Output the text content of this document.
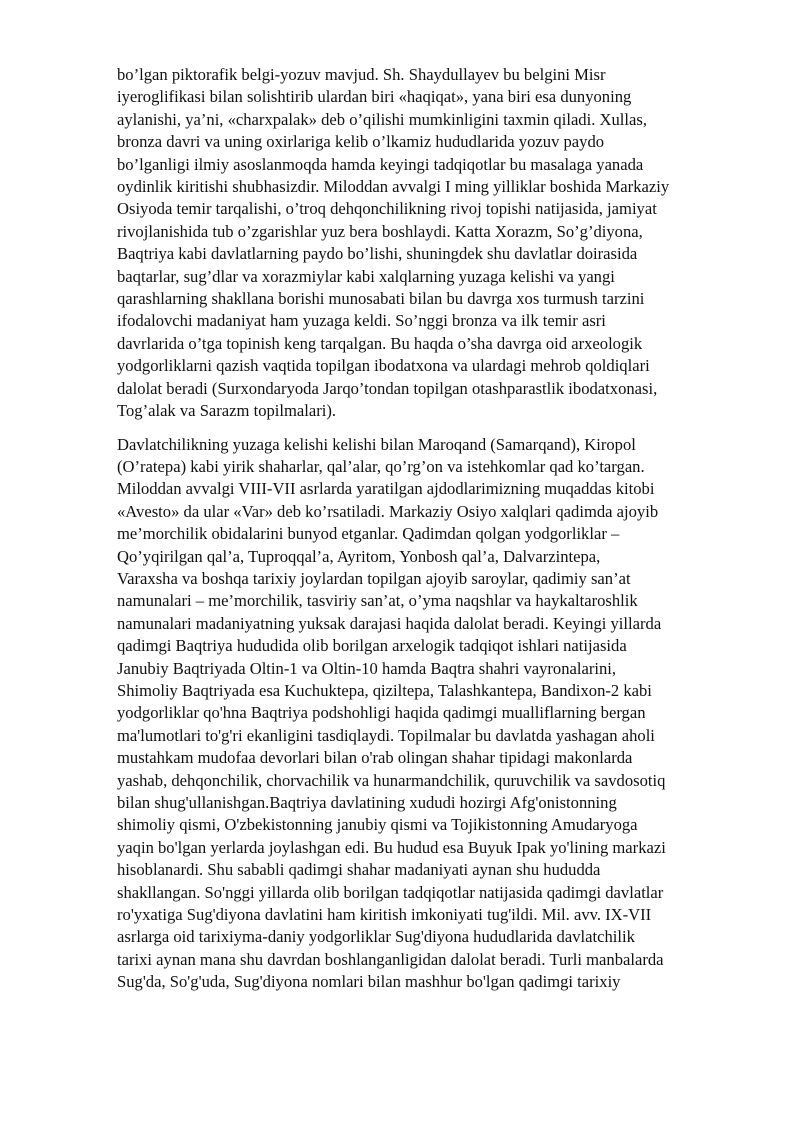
bo’lgan piktorafik belgi-yozuv mavjud. Sh. Shaydullayev bu belgini Misr
iyeroglifikasi bilan solishtirib ulardan biri «haqiqat», yana biri esa dunyoning
aylanishi, ya’ni, «charxpalak» deb o’qilishi mumkinligini taxmin qiladi. Xullas,
bronza davri va uning oxirlariga kelib o’lkamiz hududlarida yozuv paydo
bo’lganligi ilmiy asoslanmoqda hamda keyingi tadqiqotlar bu masalaga yanada
oydinlik kiritishi shubhasizdir. Miloddan avvalgi I ming yilliklar boshida Markaziy
Osiyoda temir tarqalishi, o’troq dehqonchilikning rivoj topishi natijasida, jamiyat
rivojlanishida tub o’zgarishlar yuz bera boshlaydi. Katta Xorazm, So’g’diyona,
Baqtriya kabi davlatlarning paydo bo’lishi, shuningdek shu davlatlar doirasida
baqtarlar, sug’dlar va xorazmiylar kabi xalqlarning yuzaga kelishi va yangi
qarashlarning shakllana borishi munosabati bilan bu davrga xos turmush tarzini
ifodalovchi madaniyat ham yuzaga keldi. So’nggi bronza va ilk temir asri
davrlarida o’tga topinish keng tarqalgan. Bu haqda o’sha davrga oid arxeologik
yodgorliklarni qazish vaqtida topilgan ibodatxona va ulardagi mehrob qoldiqlari
dalolat beradi (Surxondaryoda Jarqo’tondan topilgan otashparastlik ibodatxonasi,
Tog’alak va Sarazm topilmalari).

Davlatchilikning yuzaga kelishi kelishi bilan Maroqand (Samarqand), Kiropol
(O’ratepa) kabi yirik shaharlar, qal’alar, qo’rg’on va istehkomlar qad ko’targan.
Miloddan avvalgi VIII-VII asrlarda yaratilgan ajdodlarimizning muqaddas kitobi
«Avesto» da ular «Var» deb ko’rsatiladi. Markaziy Osiyo xalqlari qadimda ajoyib
me’morchilik obidalarini bunyod etganlar. Qadimdan qolgan yodgorliklar –
Qo’yqirilgan qal’a, Tuproqqal’a, Ayritom, Yonbosh qal’a, Dalvarzintepa,
Varaxsha va boshqa tarixiy joylardan topilgan ajoyib saroylar, qadimiy san’at
namunalari – me’morchilik, tasviriy san’at, o’yma naqshlar va haykaltaroshlik
namunalari madaniyatning yuksak darajasi haqida dalolat beradi. Keyingi yillarda
qadimgi Baqtriya hududida olib borilgan arxelogik tadqiqot ishlari natijasida
Janubiy Baqtriyada Oltin-1 va Oltin-10 hamda Baqtra shahri vayronalarini,
Shimoliy Baqtriyada esa Kuchuktepa, qiziltepa, Talashkantepa, Bandixon-2 kabi
yodgorliklar qo'hna Baqtriya podshohligi haqida qadimgi mualliflarning bergan
ma'lumotlari to'g'ri ekanligini tasdiqlaydi. Topilmalar bu davlatda yashagan aholi
mustahkam mudofaa devorlari bilan o'rab olingan shahar tipidagi makonlarda
yashab, dehqonchilik, chorvachilik va hunarmandchilik, quruvchilik va savdosotiq
bilan shug'ullanishgan.Baqtriya davlatining xududi hozirgi Afg'onistonning
shimoliy qismi, O'zbekistonning janubiy qismi va Tojikistonning Amudaryoga
yaqin bo'lgan yerlarda joylashgan edi. Bu hudud esa Buyuk Ipak yo'lining markazi
hisoblanardi. Shu sababli qadimgi shahar madaniyati aynan shu hududda
shakllangan. So'nggi yillarda olib borilgan tadqiqotlar natijasida qadimgi davlatlar
ro'yxatiga Sug'diyona davlatini ham kiritish imkoniyati tug'ildi. Mil. avv. IX-VII
asrlarga oid tarixiyma-daniy yodgorliklar Sug'diyona hududlarida davlatchilik
tarixi aynan mana shu davrdan boshlanganligidan dalolat beradi. Turli manbalarda
Sug'da, So'g'uda, Sug'diyona nomlari bilan mashhur bo'lgan qadimgi tarixiy
